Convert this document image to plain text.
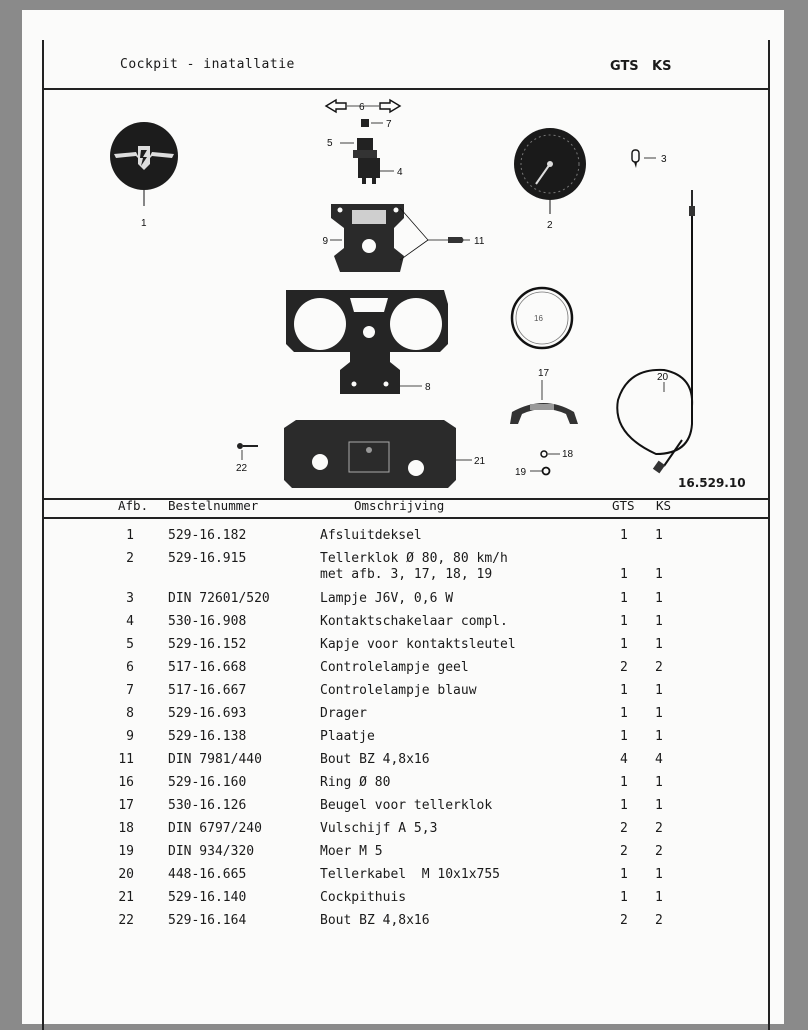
Cockpit - inatallatie	GTS KS
1	2
3
4
5
6
7
8
9	11
16
17
18
19
20
21
22
16.529.10
Afb. Bestelnummer	Omschrijving	GTS KS
1	529-16.182	Afsluitdeksel	1 1
2	529-16.915	Tellerklok Ø 80, 80 km/h
met afb. 3, 17, 18, 19	1 1
3	DIN 72601/520	Lampje J6V, 0,6 W	1 1
4	530-16.908	Kontaktschakelaar compl.	1 1
5	529-16.152	Kapje voor kontaktsleutel	1 1
6	517-16.668	Controlelampje geel	2 2
7	517-16.667	Controlelampje blauw	1 1
8	529-16.693	Drager	1 1
9	529-16.138	Plaatje	1 1
11	DIN 7981/440	Bout BZ 4,8x16	4 4
16	529-16.160	Ring Ø 80	1 1
17	530-16.126	Beugel voor tellerklok	1 1
18	DIN 6797/240	Vulschijf A 5,3	2 2
19	DIN 934/320	Moer M 5	2 2
20	448-16.665	Tellerkabel  M 10x1x755	1 1
21	529-16.140	Cockpithuis	1 1
22	529-16.164	Bout BZ 4,8x16	2 2
